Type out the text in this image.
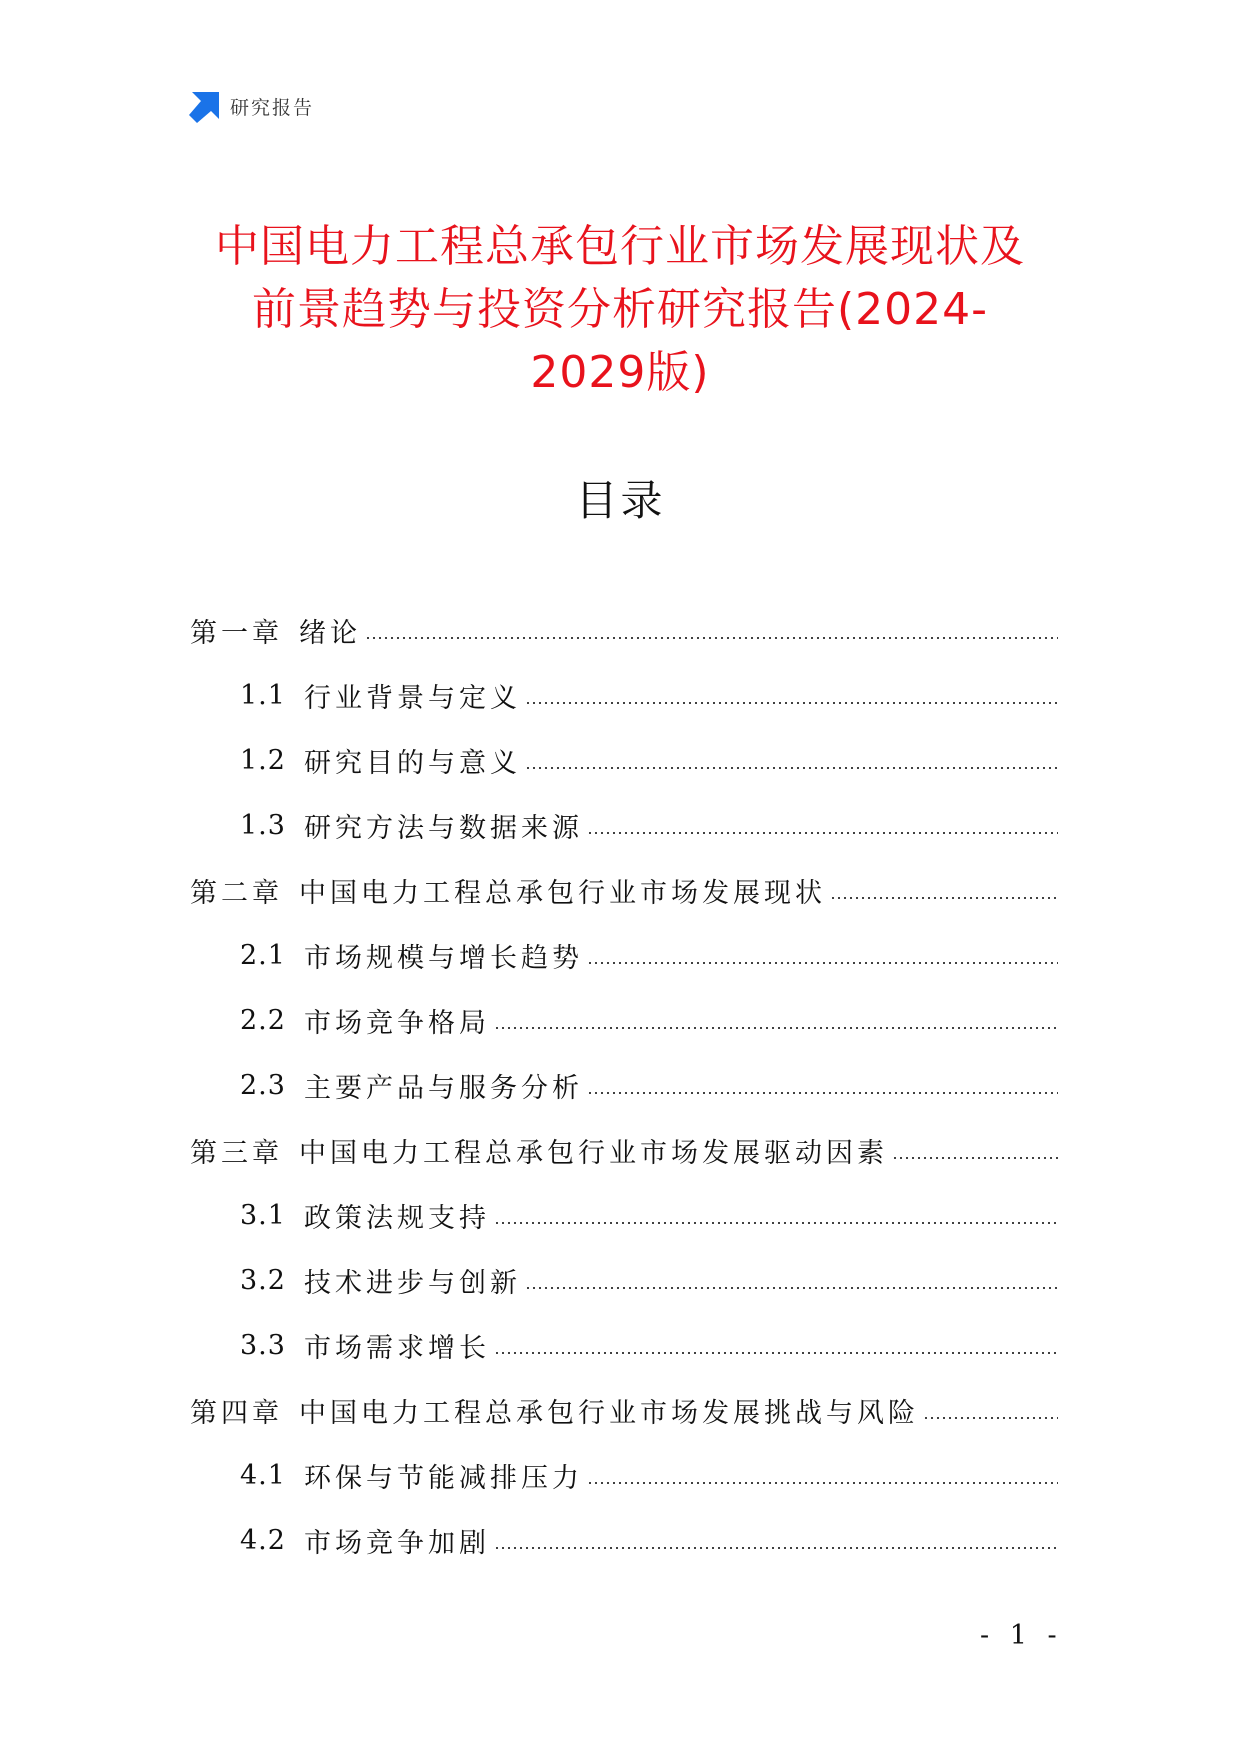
研究报告
中国电力工程总承包行业市场发展现状及前景趋势与投资分析研究报告(2024-2029版)
目录
第一章 绪论
1.1 行业背景与定义
1.2 研究目的与意义
1.3 研究方法与数据来源
第二章 中国电力工程总承包行业市场发展现状
2.1 市场规模与增长趋势
2.2 市场竞争格局
2.3 主要产品与服务分析
第三章 中国电力工程总承包行业市场发展驱动因素
3.1 政策法规支持
3.2 技术进步与创新
3.3 市场需求增长
第四章 中国电力工程总承包行业市场发展挑战与风险
4.1 环保与节能减排压力
4.2 市场竞争加剧
- 1 -
